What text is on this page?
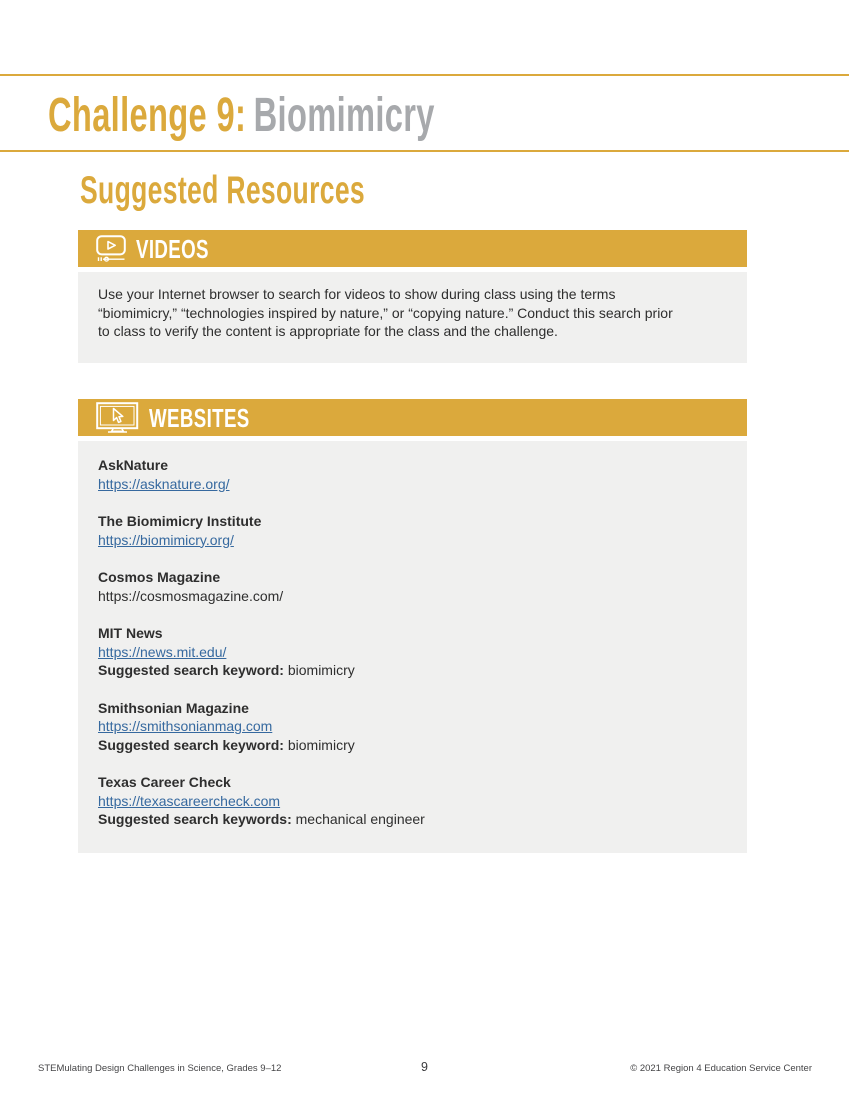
Challenge 9: Biomimicry
Suggested Resources
VIDEOS
Use your Internet browser to search for videos to show during class using the terms
“biomimicry,” “technologies inspired by nature,” or “copying nature.” Conduct this search prior
to class to verify the content is appropriate for the class and the challenge.
WEBSITES
AskNature
https://asknature.org/
The Biomimicry Institute
https://biomimicry.org/
Cosmos Magazine
https://cosmosmagazine.com/
MIT News
https://news.mit.edu/
Suggested search keyword: biomimicry
Smithsonian Magazine
https://smithsonianmag.com
Suggested search keyword: biomimicry
Texas Career Check
https://texascareercheck.com
Suggested search keywords: mechanical engineer
STEMulating Design Challenges in Science, Grades 9–12	9	© 2021 Region 4 Education Service Center
